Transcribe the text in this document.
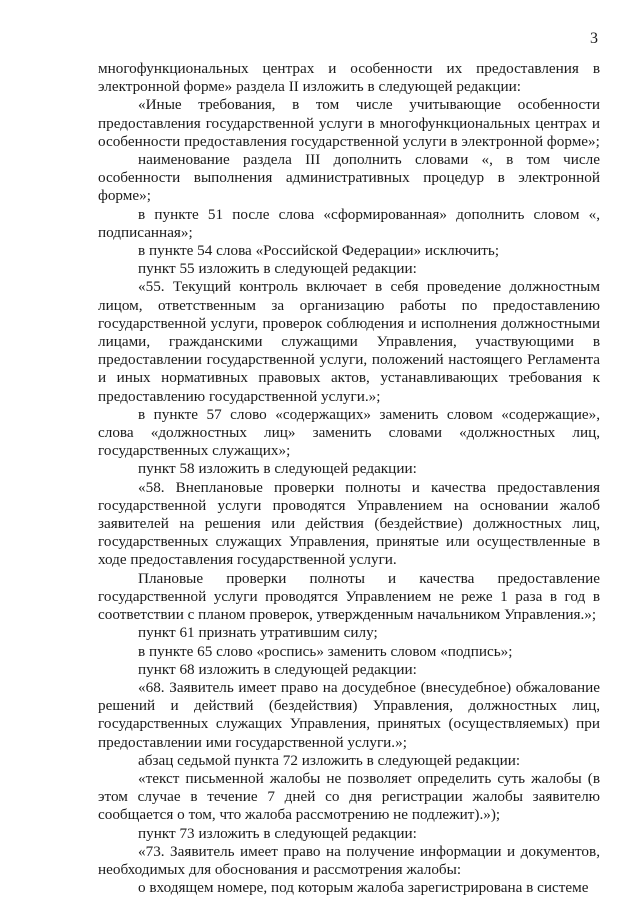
3

многофункциональных центрах и особенности их предоставления в электронной форме» раздела II изложить в следующей редакции:

«Иные требования, в том числе учитывающие особенности предоставления государственной услуги в многофункциональных центрах и особенности предоставления государственной услуги в электронной форме»;

наименование раздела III дополнить словами «, в том числе особенности выполнения административных процедур в электронной форме»;

в пункте 51 после слова «сформированная» дополнить словом «, подписанная»;

в пункте 54 слова «Российской Федерации» исключить;

пункт 55 изложить в следующей редакции:

«55. Текущий контроль включает в себя проведение должностным лицом, ответственным за организацию работы по предоставлению государственной услуги, проверок соблюдения и исполнения должностными лицами, гражданскими служащими Управления, участвующими в предоставлении государственной услуги, положений настоящего Регламента и иных нормативных правовых актов, устанавливающих требования к предоставлению государственной услуги.»;

в пункте 57 слово «содержащих» заменить словом «содержащие», слова «должностных лиц» заменить словами «должностных лиц, государственных служащих»;

пункт 58 изложить в следующей редакции:

«58. Внеплановые проверки полноты и качества предоставления государственной услуги проводятся Управлением на основании жалоб заявителей на решения или действия (бездействие) должностных лиц, государственных служащих Управления, принятые или осуществленные в ходе предоставления государственной услуги.

Плановые проверки полноты и качества предоставление государственной услуги проводятся Управлением не реже 1 раза в год в соответствии с планом проверок, утвержденным начальником Управления.»;

пункт 61 признать утратившим силу;

в пункте 65 слово «роспись» заменить словом «подпись»;

пункт 68 изложить в следующей редакции:

«68. Заявитель имеет право на досудебное (внесудебное) обжалование решений и действий (бездействия) Управления, должностных лиц, государственных служащих Управления, принятых (осуществляемых) при предоставлении ими государственной услуги.»;

абзац седьмой пункта 72 изложить в следующей редакции:

«текст письменной жалобы не позволяет определить суть жалобы (в этом случае в течение 7 дней со дня регистрации жалобы заявителю сообщается о том, что жалоба рассмотрению не подлежит).»);

пункт 73 изложить в следующей редакции:

«73. Заявитель имеет право на получение информации и документов, необходимых для обоснования и рассмотрения жалобы:

о входящем номере, под которым жалоба зарегистрирована в системе
